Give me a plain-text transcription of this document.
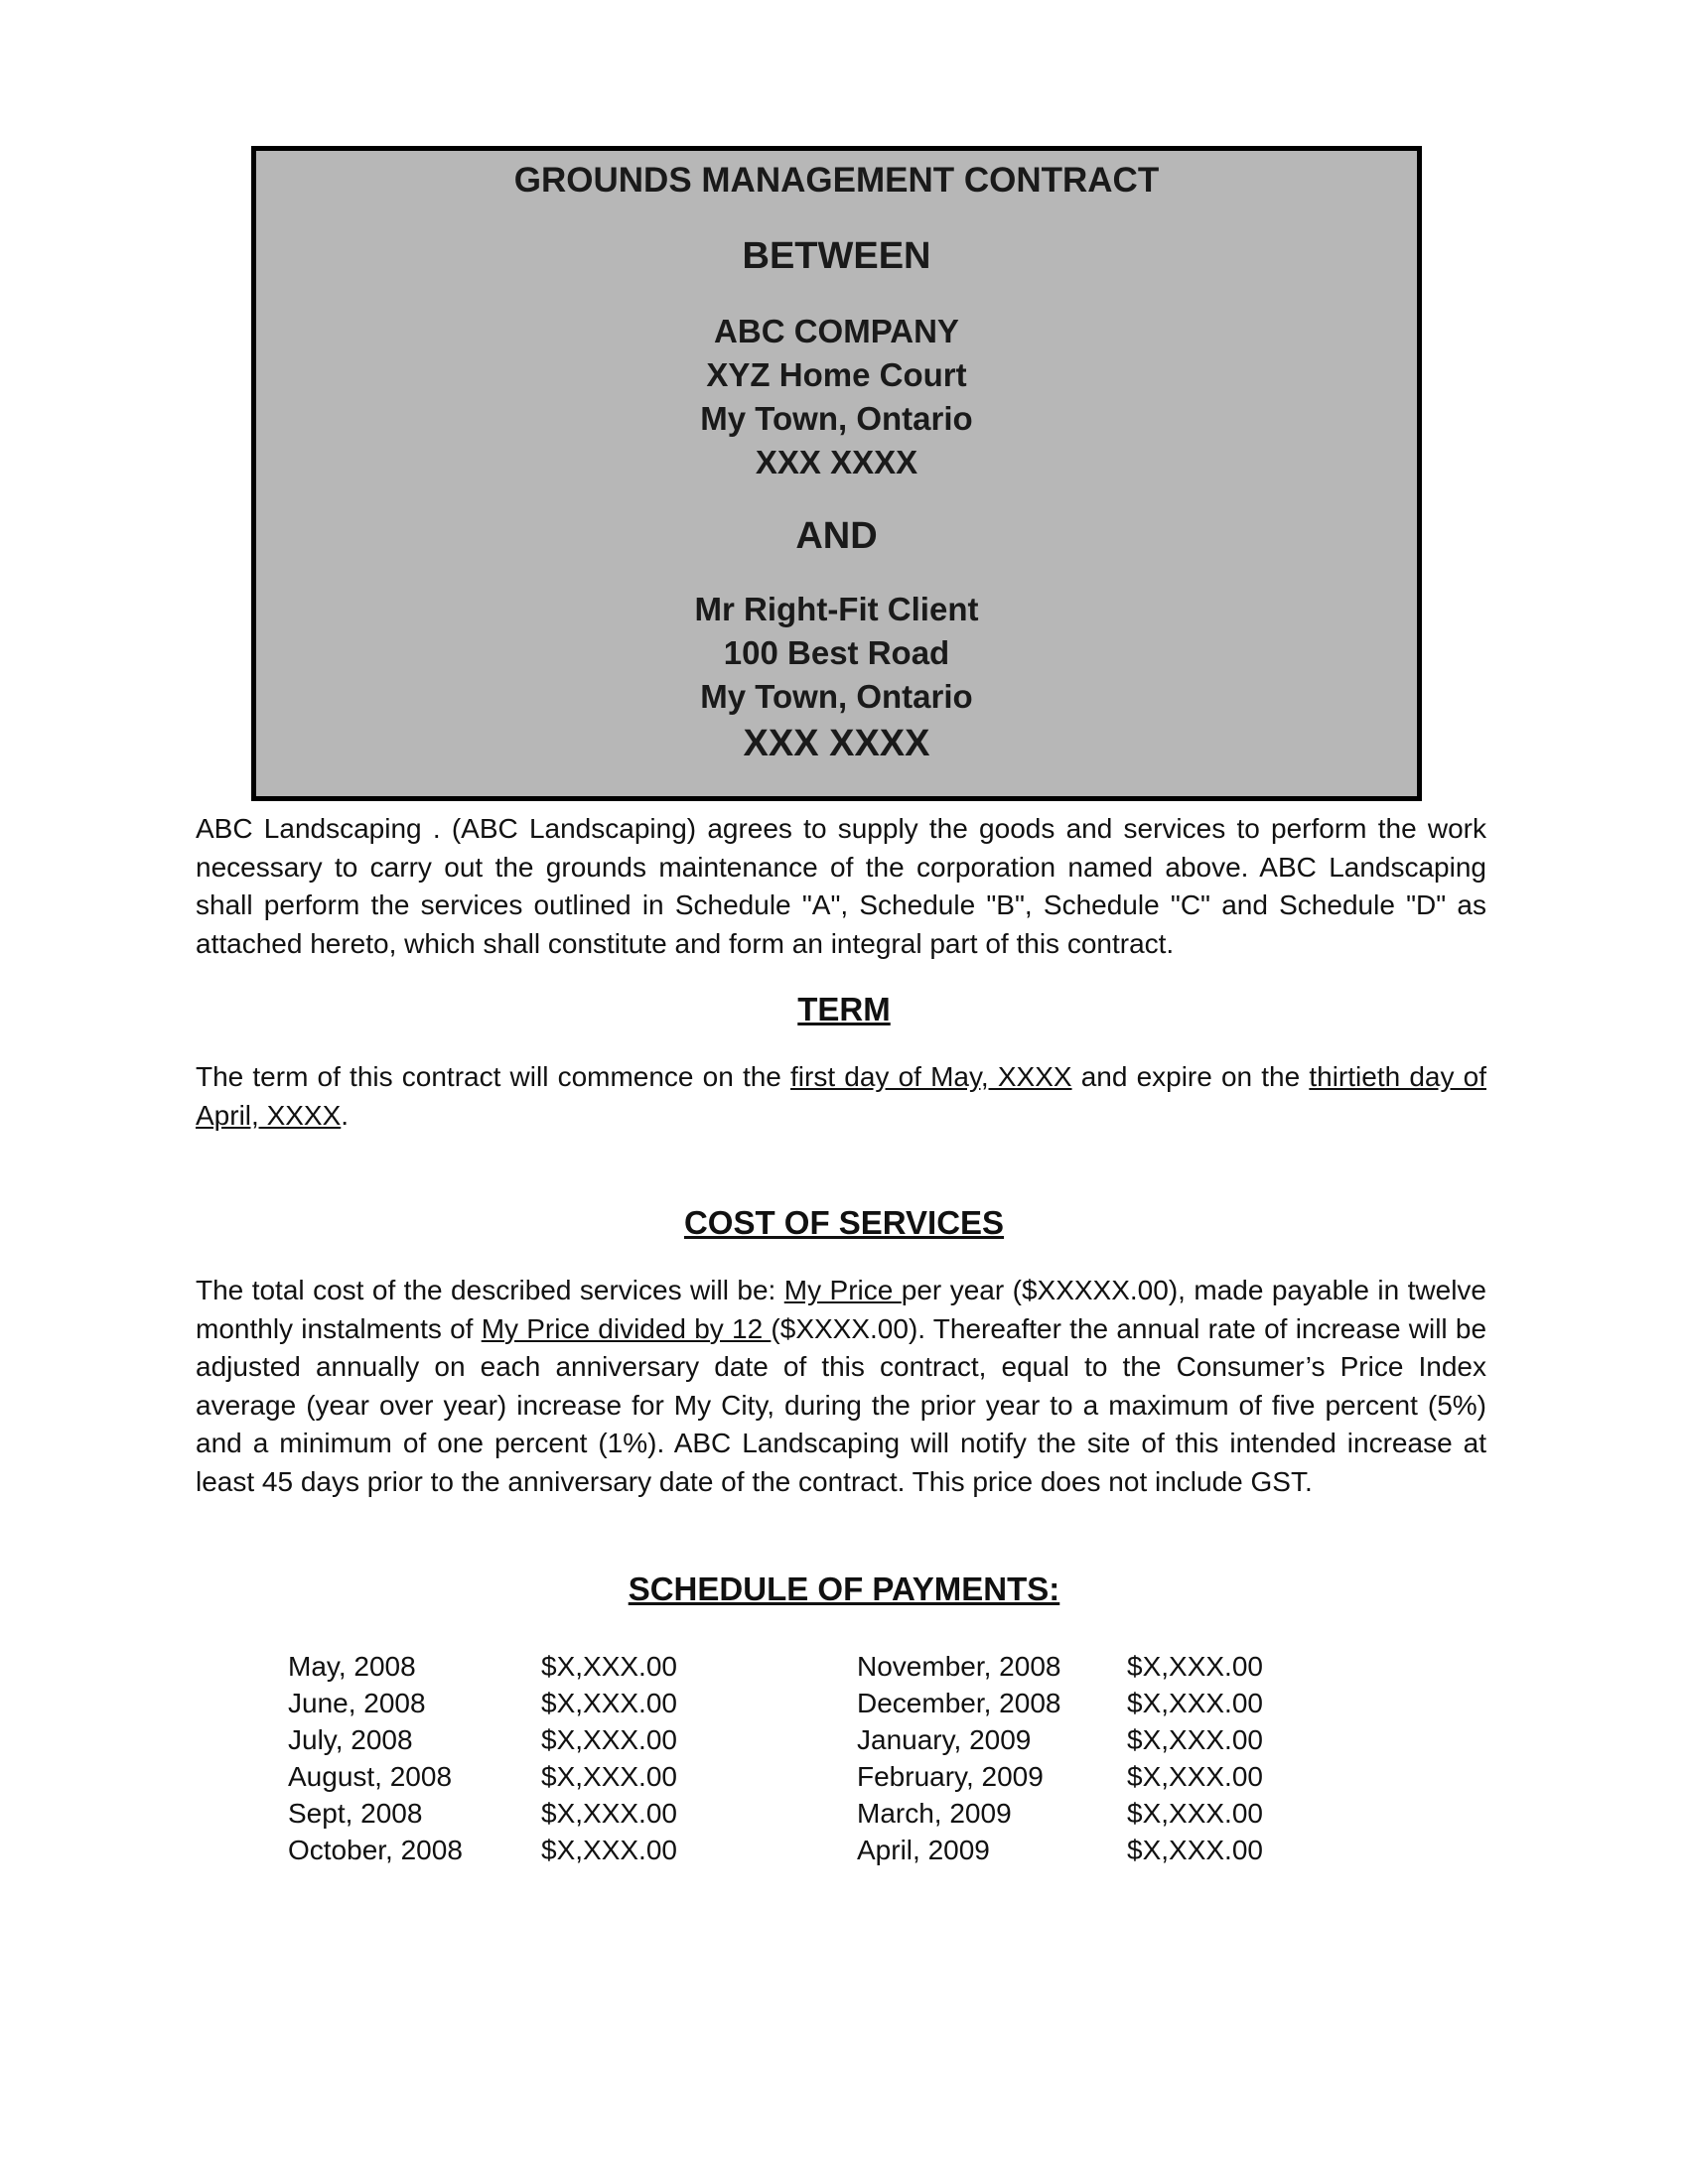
GROUNDS MANAGEMENT CONTRACT
BETWEEN
ABC COMPANY
XYZ Home Court
My Town, Ontario
XXX XXXX
AND
Mr Right-Fit Client
100 Best Road
My Town, Ontario
XXX XXXX
ABC Landscaping . (ABC Landscaping) agrees to supply the goods and services to perform the work necessary to carry out the grounds maintenance of the corporation named above. ABC Landscaping shall perform the services outlined in Schedule "A", Schedule "B", Schedule "C" and Schedule "D" as attached hereto, which shall constitute and form an integral part of this contract.
TERM
The term of this contract will commence on the first day of May, XXXX and expire on the thirtieth day of April, XXXX.
COST OF SERVICES
The total cost of the described services will be: My Price per year ($XXXXX.00), made payable in twelve monthly instalments of My Price divided by 12 ($XXXX.00). Thereafter the annual rate of increase will be adjusted annually on each anniversary date of this contract, equal to the Consumer’s Price Index average (year over year) increase for My City, during the prior year to a maximum of five percent (5%) and a minimum of one percent (1%). ABC Landscaping will notify the site of this intended increase at least 45 days prior to the anniversary date of the contract. This price does not include GST.
SCHEDULE OF PAYMENTS:
May, 2008
June, 2008
July, 2008
August, 2008
Sept, 2008
October, 2008
$X,XXX.00
$X,XXX.00
$X,XXX.00
$X,XXX.00
$X,XXX.00
$X,XXX.00
November, 2008
December, 2008
January, 2009
February, 2009
March, 2009
April, 2009
$X,XXX.00
$X,XXX.00
$X,XXX.00
$X,XXX.00
$X,XXX.00
$X,XXX.00
